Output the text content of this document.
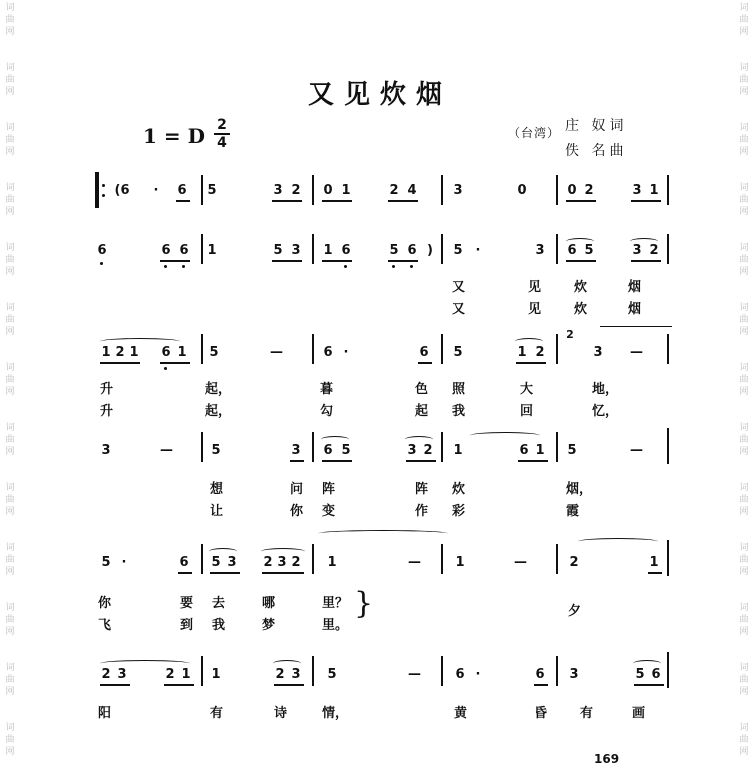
词曲网
词曲网
词曲网
词曲网
词曲网
词曲网
词曲网
词曲网
词曲网
词曲网
词曲网
词曲网
词曲网
词曲网
词曲网
词曲网
词曲网
词曲网
词曲网
词曲网
词曲网
词曲网
词曲网
词曲网
词曲网
词曲网
又见炊烟
1 = D 2
4
（台湾） 庄 奴词
佚 名曲
(6	· 6 5	3 2 0 1	2 4	3	0	0 2	3 1
6	6 6 1	5 3 1 6	5 6 ) 5 ·	3 6 5	3 2
又	见	炊	烟
又	见	炊	烟
1 2 1 6 1 5	—	6 ·	6 5	1 2
2
3 —
升	起，	暮	色 照	大	地，
升	起，	勾	起 我	回	忆，
3	—	5	3 6 5	3 2 1	6 1 5	—
想	问 阵	阵 炊	烟，
让	你 变	作 彩	霞
5 ·	6 5 3 2 3 2 1	—	1	—	2	1
你	要 去	哪	里？
飞	到 我	梦	里。
}	夕
2 3	2 1 1	2 3 5	—	6 ·	6 3	5 6
阳	有	诗	情，	黄	昏	有	画
169
